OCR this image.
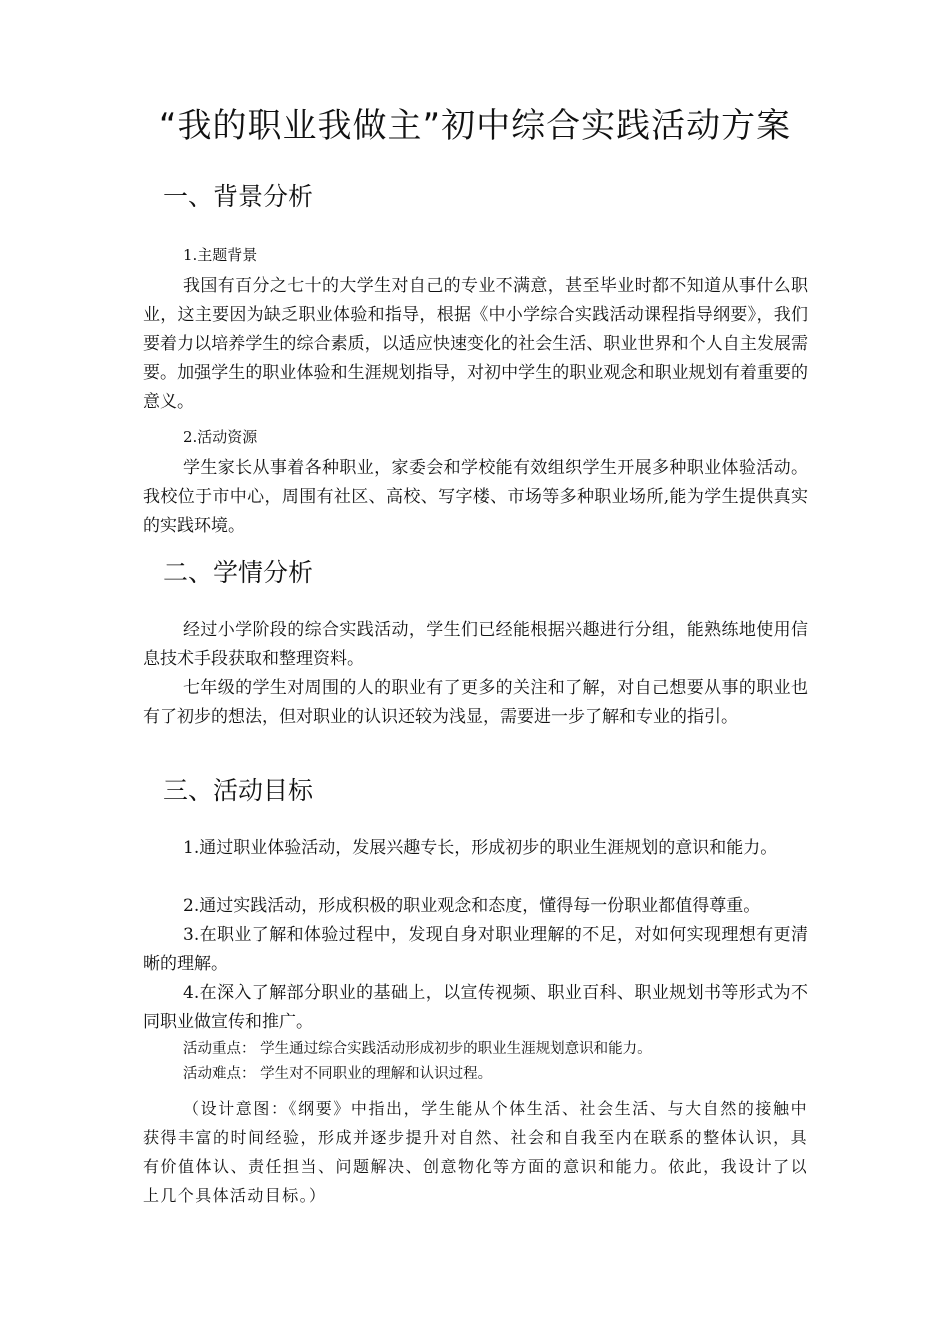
“我的职业我做主”初中综合实践活动方案
一、背景分析
1.主题背景
我国有百分之七十的大学生对自己的专业不满意，甚至毕业时都不知道从事什么职业，这主要因为缺乏职业体验和指导，根据《中小学综合实践活动课程指导纲要》，我们要着力以培养学生的综合素质，以适应快速变化的社会生活、职业世界和个人自主发展需要。加强学生的职业体验和生涯规划指导，对初中学生的职业观念和职业规划有着重要的意义。
2.活动资源
学生家长从事着各种职业，家委会和学校能有效组织学生开展多种职业体验活动。我校位于市中心，周围有社区、高校、写字楼、市场等多种职业场所,能为学生提供真实的实践环境。
二、学情分析
经过小学阶段的综合实践活动，学生们已经能根据兴趣进行分组，能熟练地使用信息技术手段获取和整理资料。
七年级的学生对周围的人的职业有了更多的关注和了解，对自己想要从事的职业也有了初步的想法，但对职业的认识还较为浅显，需要进一步了解和专业的指引。
三、活动目标
1.通过职业体验活动，发展兴趣专长，形成初步的职业生涯规划的意识和能力。
2.通过实践活动，形成积极的职业观念和态度，懂得每一份职业都值得尊重。
3.在职业了解和体验过程中，发现自身对职业理解的不足，对如何实现理想有更清晰的理解。
4.在深入了解部分职业的基础上，以宣传视频、职业百科、职业规划书等形式为不同职业做宣传和推广。
活动重点： 学生通过综合实践活动形成初步的职业生涯规划意识和能力。
活动难点： 学生对不同职业的理解和认识过程。
（设计意图：《纲要》中指出，学生能从个体生活、社会生活、与大自然的接触中获得丰富的时间经验，形成并逐步提升对自然、社会和自我至内在联系的整体认识，具有价值体认、责任担当、问题解决、创意物化等方面的意识和能力。依此，我设计了以上几个具体活动目标。）
